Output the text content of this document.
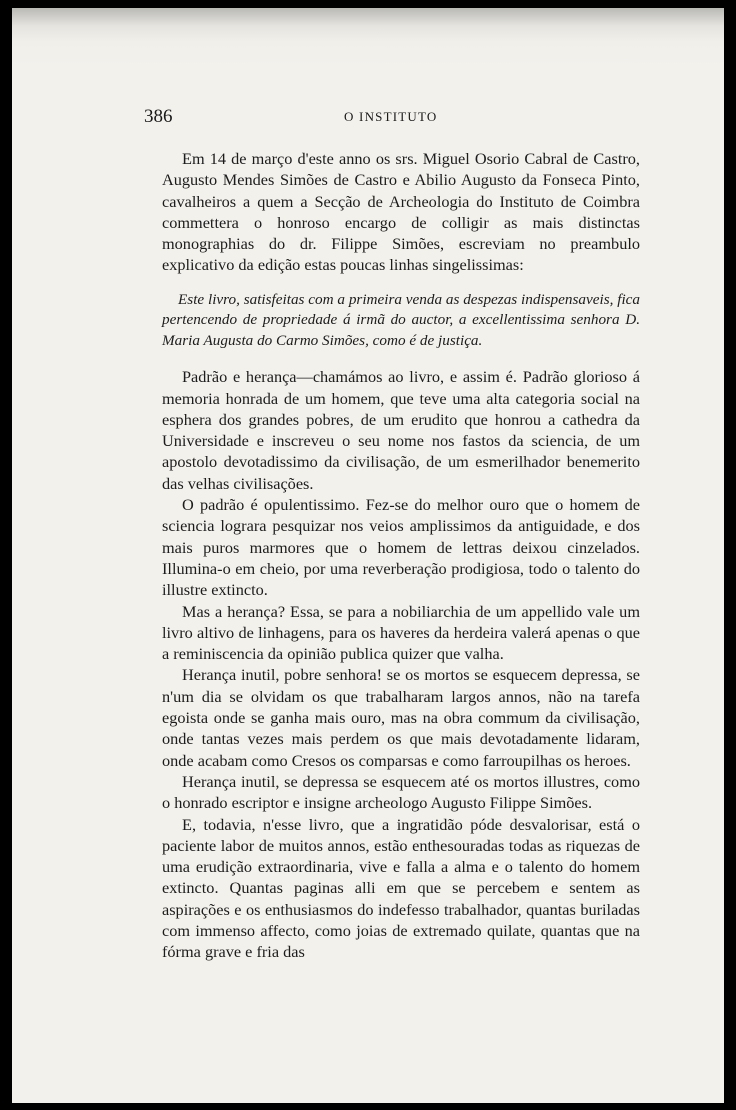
386	O INSTITUTO

Em 14 de março d'este anno os srs. Miguel Osorio Cabral de Castro, Augusto Mendes Simões de Castro e Abilio Augusto da Fonseca Pinto, cavalheiros a quem a Secção de Archeologia do Instituto de Coimbra commettera o honroso encargo de colligir as mais distinctas monographias do dr. Filippe Simões, escreviam no preambulo explicativo da edição estas poucas linhas singelissimas:

Este livro, satisfeitas com a primeira venda as despezas indispensaveis, fica pertencendo de propriedade á irmã do auctor, a excellentissima senhora D. Maria Augusta do Carmo Simões, como é de justiça.

Padrão e herança—chamámos ao livro, e assim é. Padrão glorioso á memoria honrada de um homem, que teve uma alta categoria social na esphera dos grandes pobres, de um erudito que honrou a cathedra da Universidade e inscreveu o seu nome nos fastos da sciencia, de um apostolo devotadissimo da civilisação, de um esmerilhador benemerito das velhas civilisações.

O padrão é opulentissimo. Fez-se do melhor ouro que o homem de sciencia lograra pesquizar nos veios amplissimos da antiguidade, e dos mais puros marmores que o homem de lettras deixou cinzelados. Illumina-o em cheio, por uma reverberação prodigiosa, todo o talento do illustre extincto.

Mas a herança? Essa, se para a nobiliarchia de um appellido vale um livro altivo de linhagens, para os haveres da herdeira valerá apenas o que a reminiscencia da opinião publica quizer que valha.

Herança inutil, pobre senhora! se os mortos se esquecem depressa, se n'um dia se olvidam os que trabalharam largos annos, não na tarefa egoista onde se ganha mais ouro, mas na obra commum da civilisação, onde tantas vezes mais perdem os que mais devotadamente lidaram, onde acabam como Cresos os comparsas e como farroupilhas os heroes.

Herança inutil, se depressa se esquecem até os mortos illustres, como o honrado escriptor e insigne archeologo Augusto Filippe Simões.

E, todavia, n'esse livro, que a ingratidão póde desvalorisar, está o paciente labor de muitos annos, estão enthesouradas todas as riquezas de uma erudição extraordinaria, vive e falla a alma e o talento do homem extincto. Quantas paginas alli em que se percebem e sentem as aspirações e os enthusiasmos do indefesso trabalhador, quantas buriladas com immenso affecto, como joias de extremado quilate, quantas que na fórma grave e fria das
